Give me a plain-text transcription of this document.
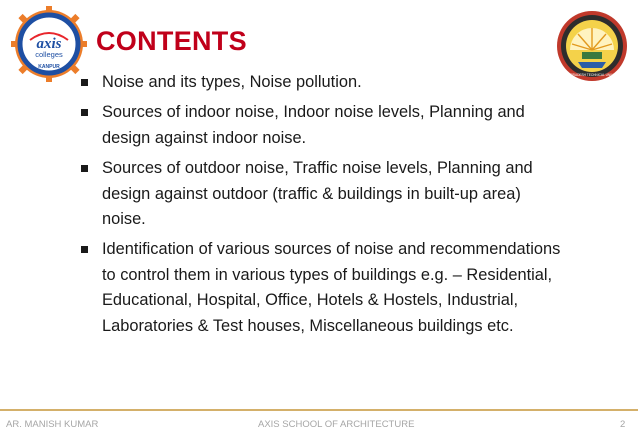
axis
colleges
KANPUR
CONTENTS
UTTAR PRADESH TECHNICAL UNIVERSITY
Noise and its types, Noise pollution.
Sources of indoor noise, Indoor noise levels, Planning and design against indoor noise.
Sources of outdoor noise, Traffic noise levels, Planning and design against outdoor (traffic & buildings in built-up area) noise.
Identification of various sources of noise and recommendations to control them in various types of buildings e.g. – Residential, Educational, Hospital, Office, Hotels & Hostels, Industrial, Laboratories & Test houses, Miscellaneous buildings etc.
AR. MANISH KUMAR	AXIS SCHOOL OF ARCHITECTURE	2
